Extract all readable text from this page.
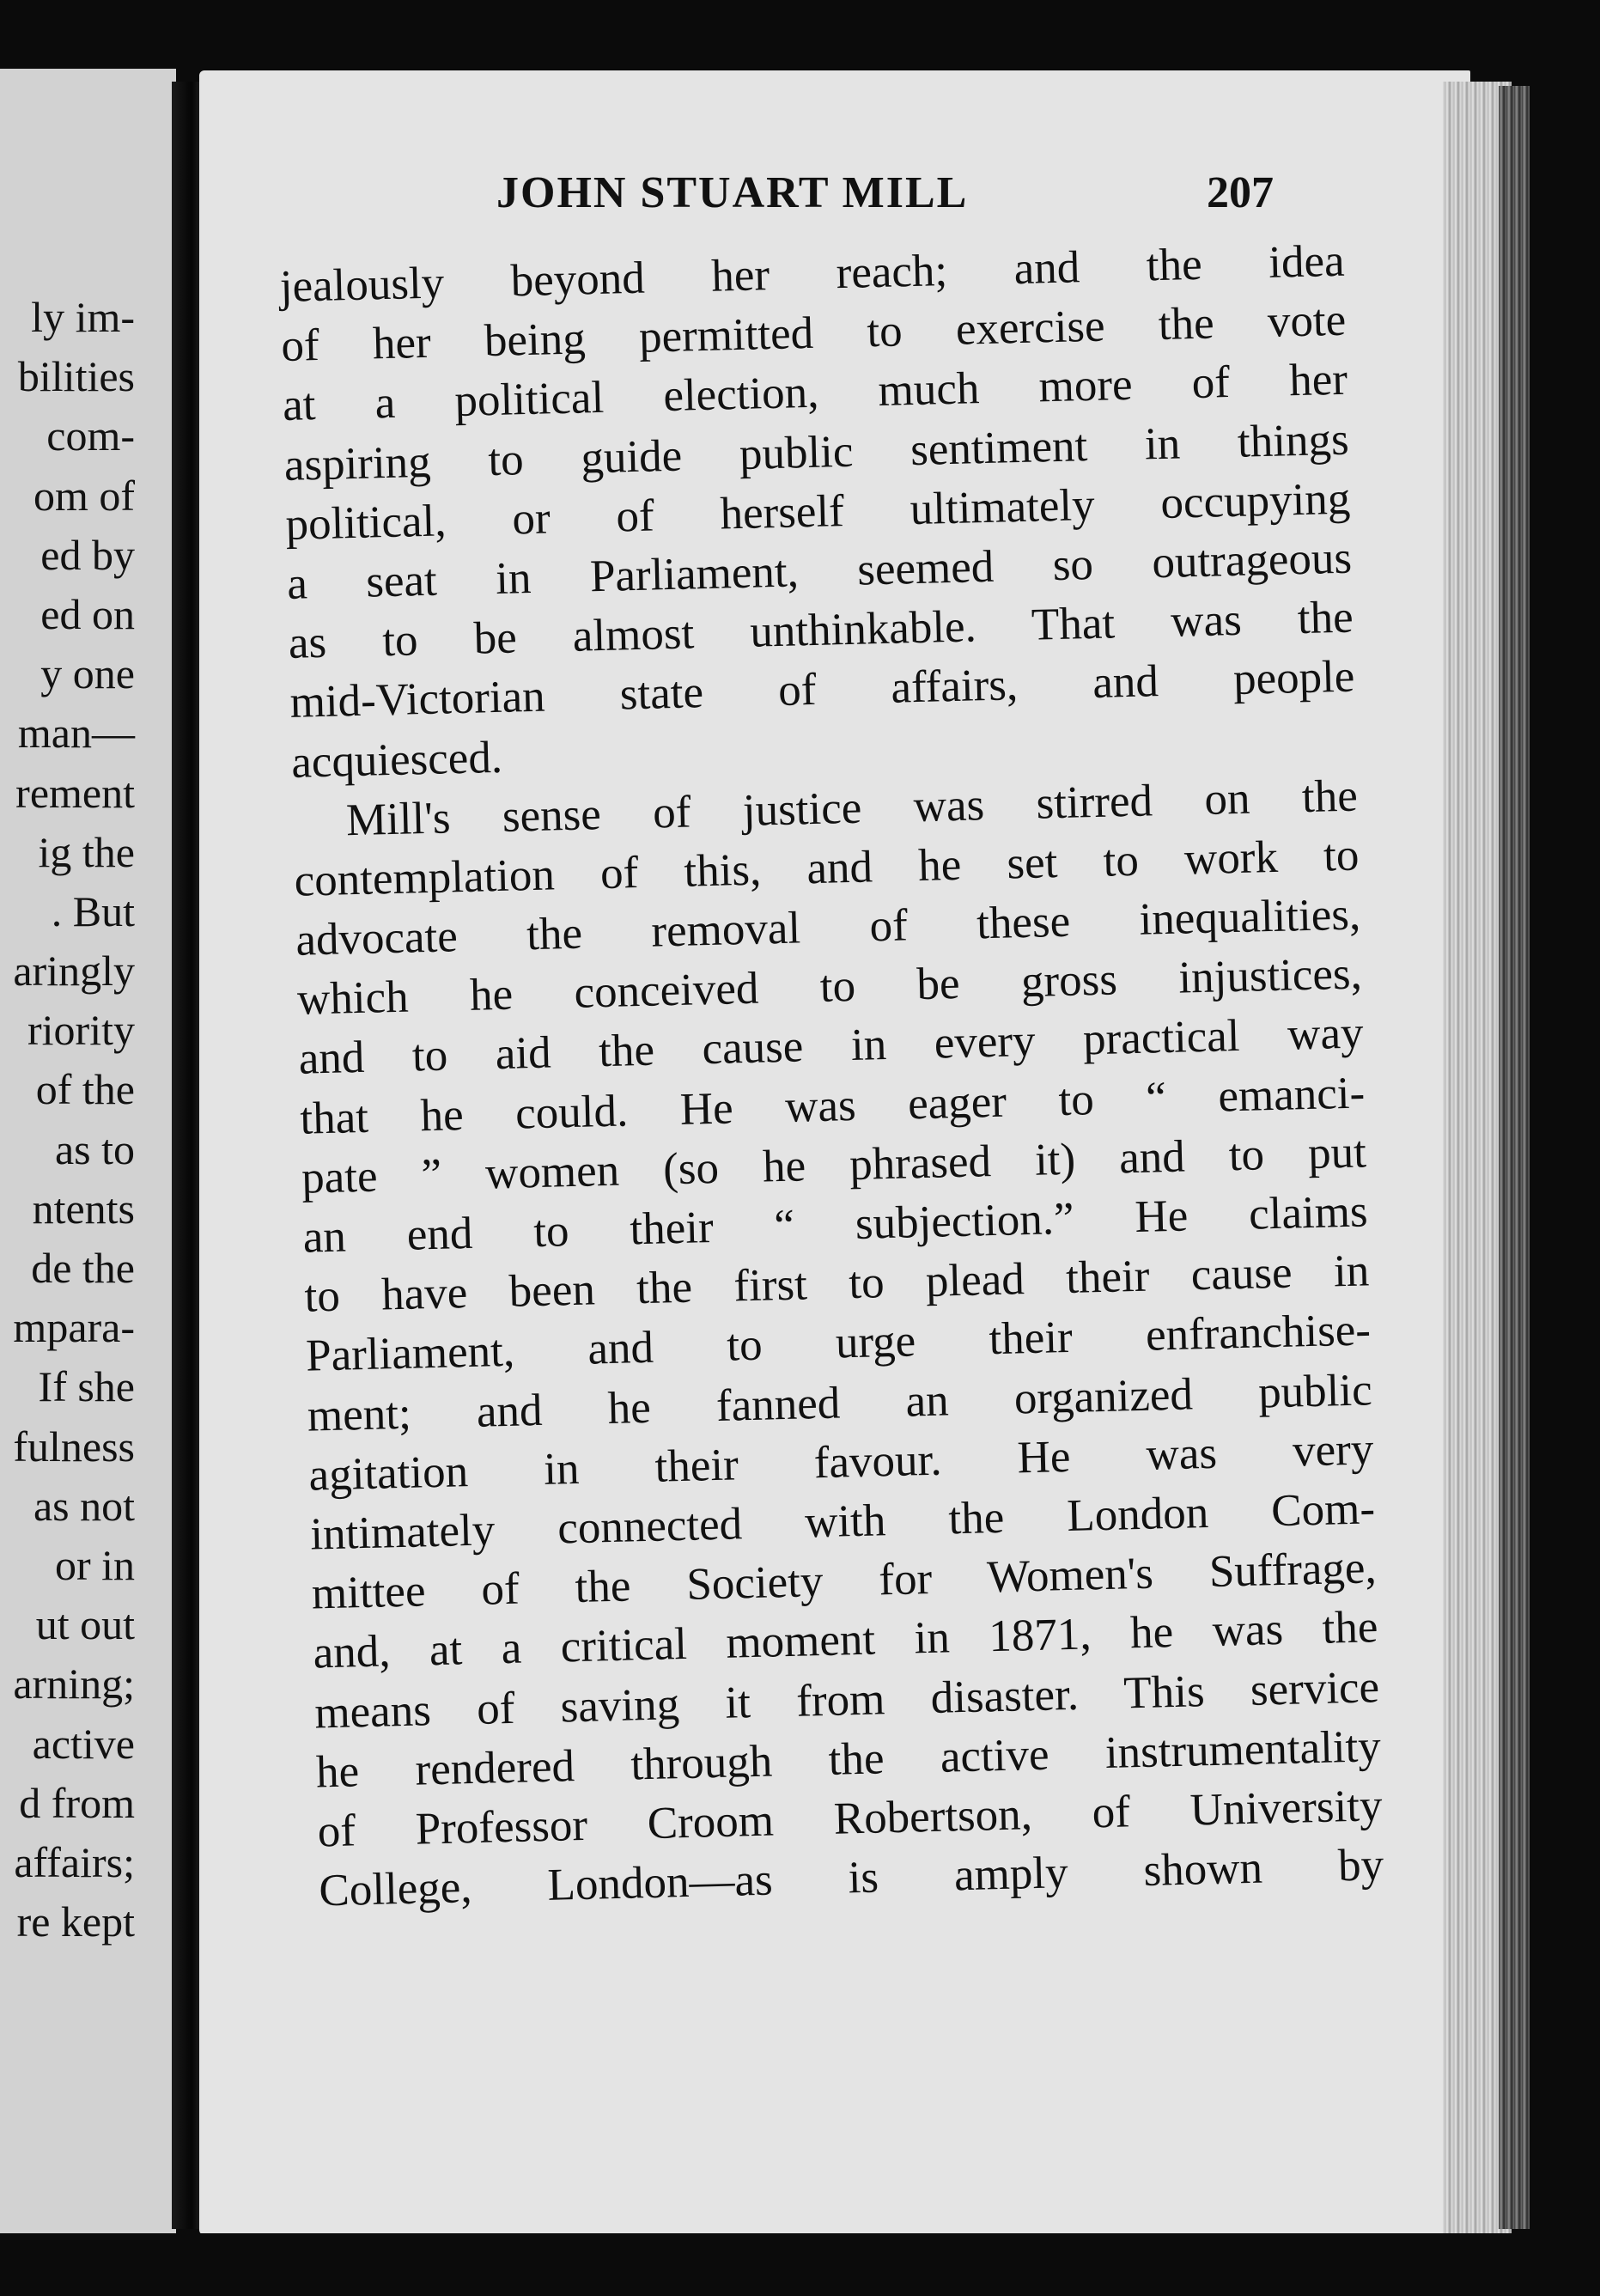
ly im-
bilities
com-
om of
ed by
ed on
y one
man—
rement
ig the
. But
aringly
riority
of the
as to
ntents
de the
mpara-
If she
fulness
as not
or in
ut out
arning;
active
d from
affairs;
re kept
JOHN STUART MILL	207
jealously beyond her reach; and the idea
of her being permitted to exercise the vote
at a political election, much more of her
aspiring to guide public sentiment in things
political, or of herself ultimately occupying
a seat in Parliament, seemed so outrageous
as to be almost unthinkable. That was the
mid-Victorian state of affairs, and people
acquiesced.
Mill's sense of justice was stirred on the
contemplation of this, and he set to work to
advocate the removal of these inequalities,
which he conceived to be gross injustices,
and to aid the cause in every practical way
that he could. He was eager to “ emanci-
pate ” women (so he phrased it) and to put
an end to their “ subjection.” He claims
to have been the first to plead their cause in
Parliament, and to urge their enfranchise-
ment; and he fanned an organized public
agitation in their favour. He was very
intimately connected with the London Com-
mittee of the Society for Women's Suffrage,
and, at a critical moment in 1871, he was the
means of saving it from disaster. This service
he rendered through the active instrumentality
of Professor Croom Robertson, of University
College, London—as is amply shown by
